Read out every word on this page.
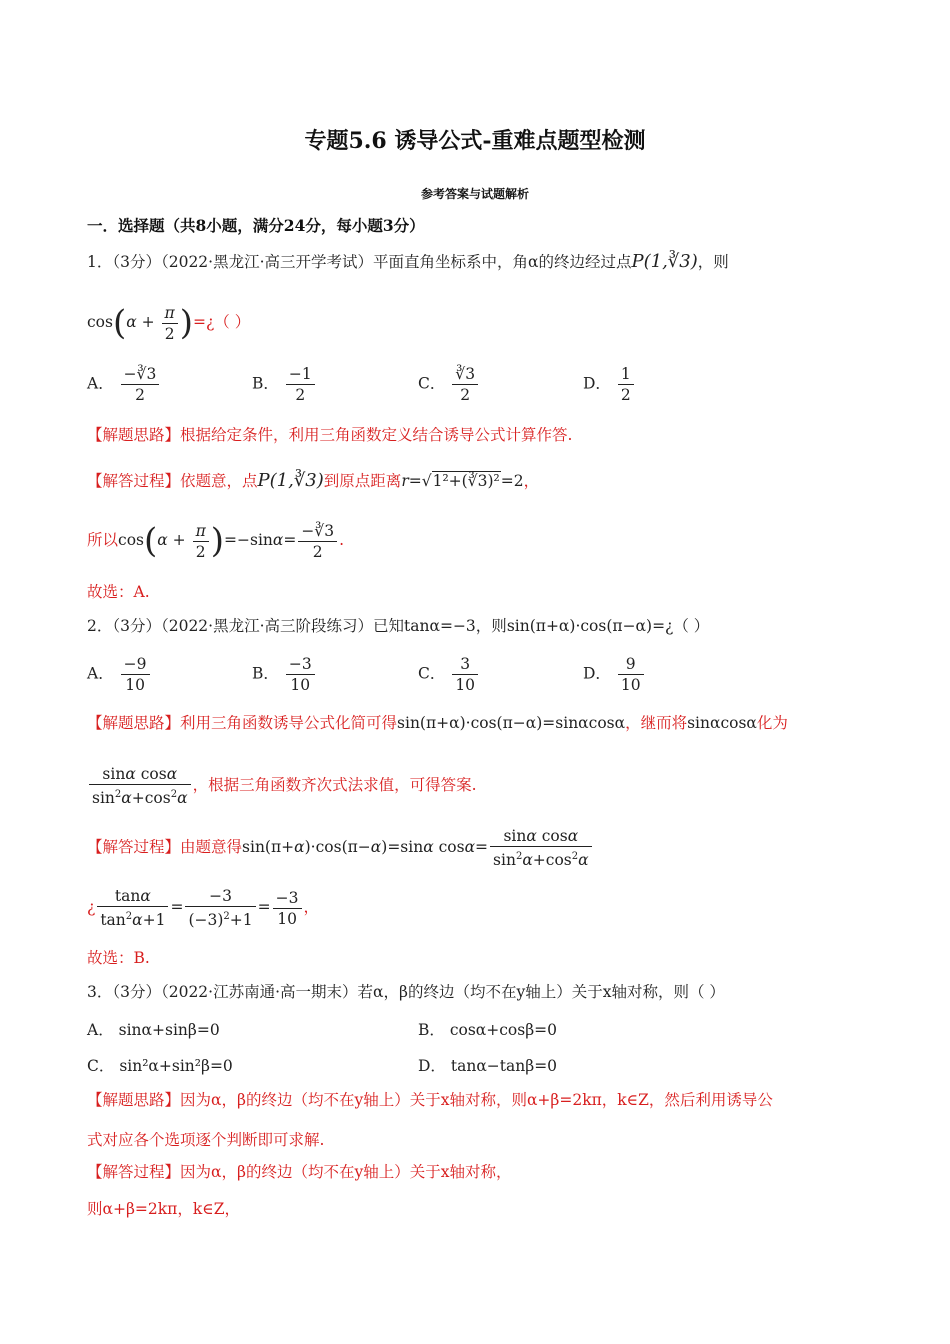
专题5.6 诱导公式-重难点题型检测
参考答案与试题解析
一．选择题（共8小题，满分24分，每小题3分）
1．（3分）（2022·黑龙江·高三开学考试）平面直角坐标系中，角α的终边经过点P(1,∛3)，则
$\cos(\alpha + \frac{\pi}{2}$ )=¿（ ）
A． $\frac{-∛3}{2}$	B． $\frac{-1}{2}$	C． $\frac{∛3}{2}$	D． $\frac{1}{2}$
【解题思路】根据给定条件，利用三角函数定义结合诱导公式计算作答.
【解答过程】依题意，点P(1,∛3)到原点距离r=√1²+(∛3)²=2，
所以$\cos(\alpha + \frac{\pi}{2} )=-\sin\alpha= \frac{-∛3}{2}$ .
故选：A.
2．（3分）（2022·黑龙江·高三阶段练习）已知tanα=−3，则sin(π+α)·cos(π−α)=¿（ ）
A． $\frac{-9}{10}$	B． $\frac{-3}{10}$	C． $\frac{3}{10}$	D． $\frac{9}{10}$
【解题思路】利用三角函数诱导公式化简可得sin(π+α)·cos(π−α)=sinαcosα，继而将sinαcosα化为
$\frac{\text{sinα cosα}}{\sin^2\alpha+\cos^2\alpha}$ ，根据三角函数齐次式法求值，可得答案.
【解答过程】由题意得sin(π+α)·cos(π−α)=sinα $\cos\alpha= \frac{\text{sinα cosα}}{\sin^2\alpha+\cos^2\alpha}$
¿ $\frac{\tan\alpha}{\tan^2\alpha+1} = \frac{-3}{(-3)^2+1} = \frac{-3}{10}$ ，
故选：B.
3．（3分）（2022·江苏南通·高一期末）若α，β的终边（均不在y轴上）关于x轴对称，则（ ）
A． sinα+sinβ=0	B． cosα+cosβ=0
C． sin²α+sin²β=0	D． tanα−tanβ=0
【解题思路】因为α，β的终边（均不在y轴上）关于x轴对称，则α+β=2kπ，k∈Z，然后利用诱导公
式对应各个选项逐个判断即可求解.
【解答过程】因为α，β的终边（均不在y轴上）关于x轴对称，
则α+β=2kπ，k∈Z，
